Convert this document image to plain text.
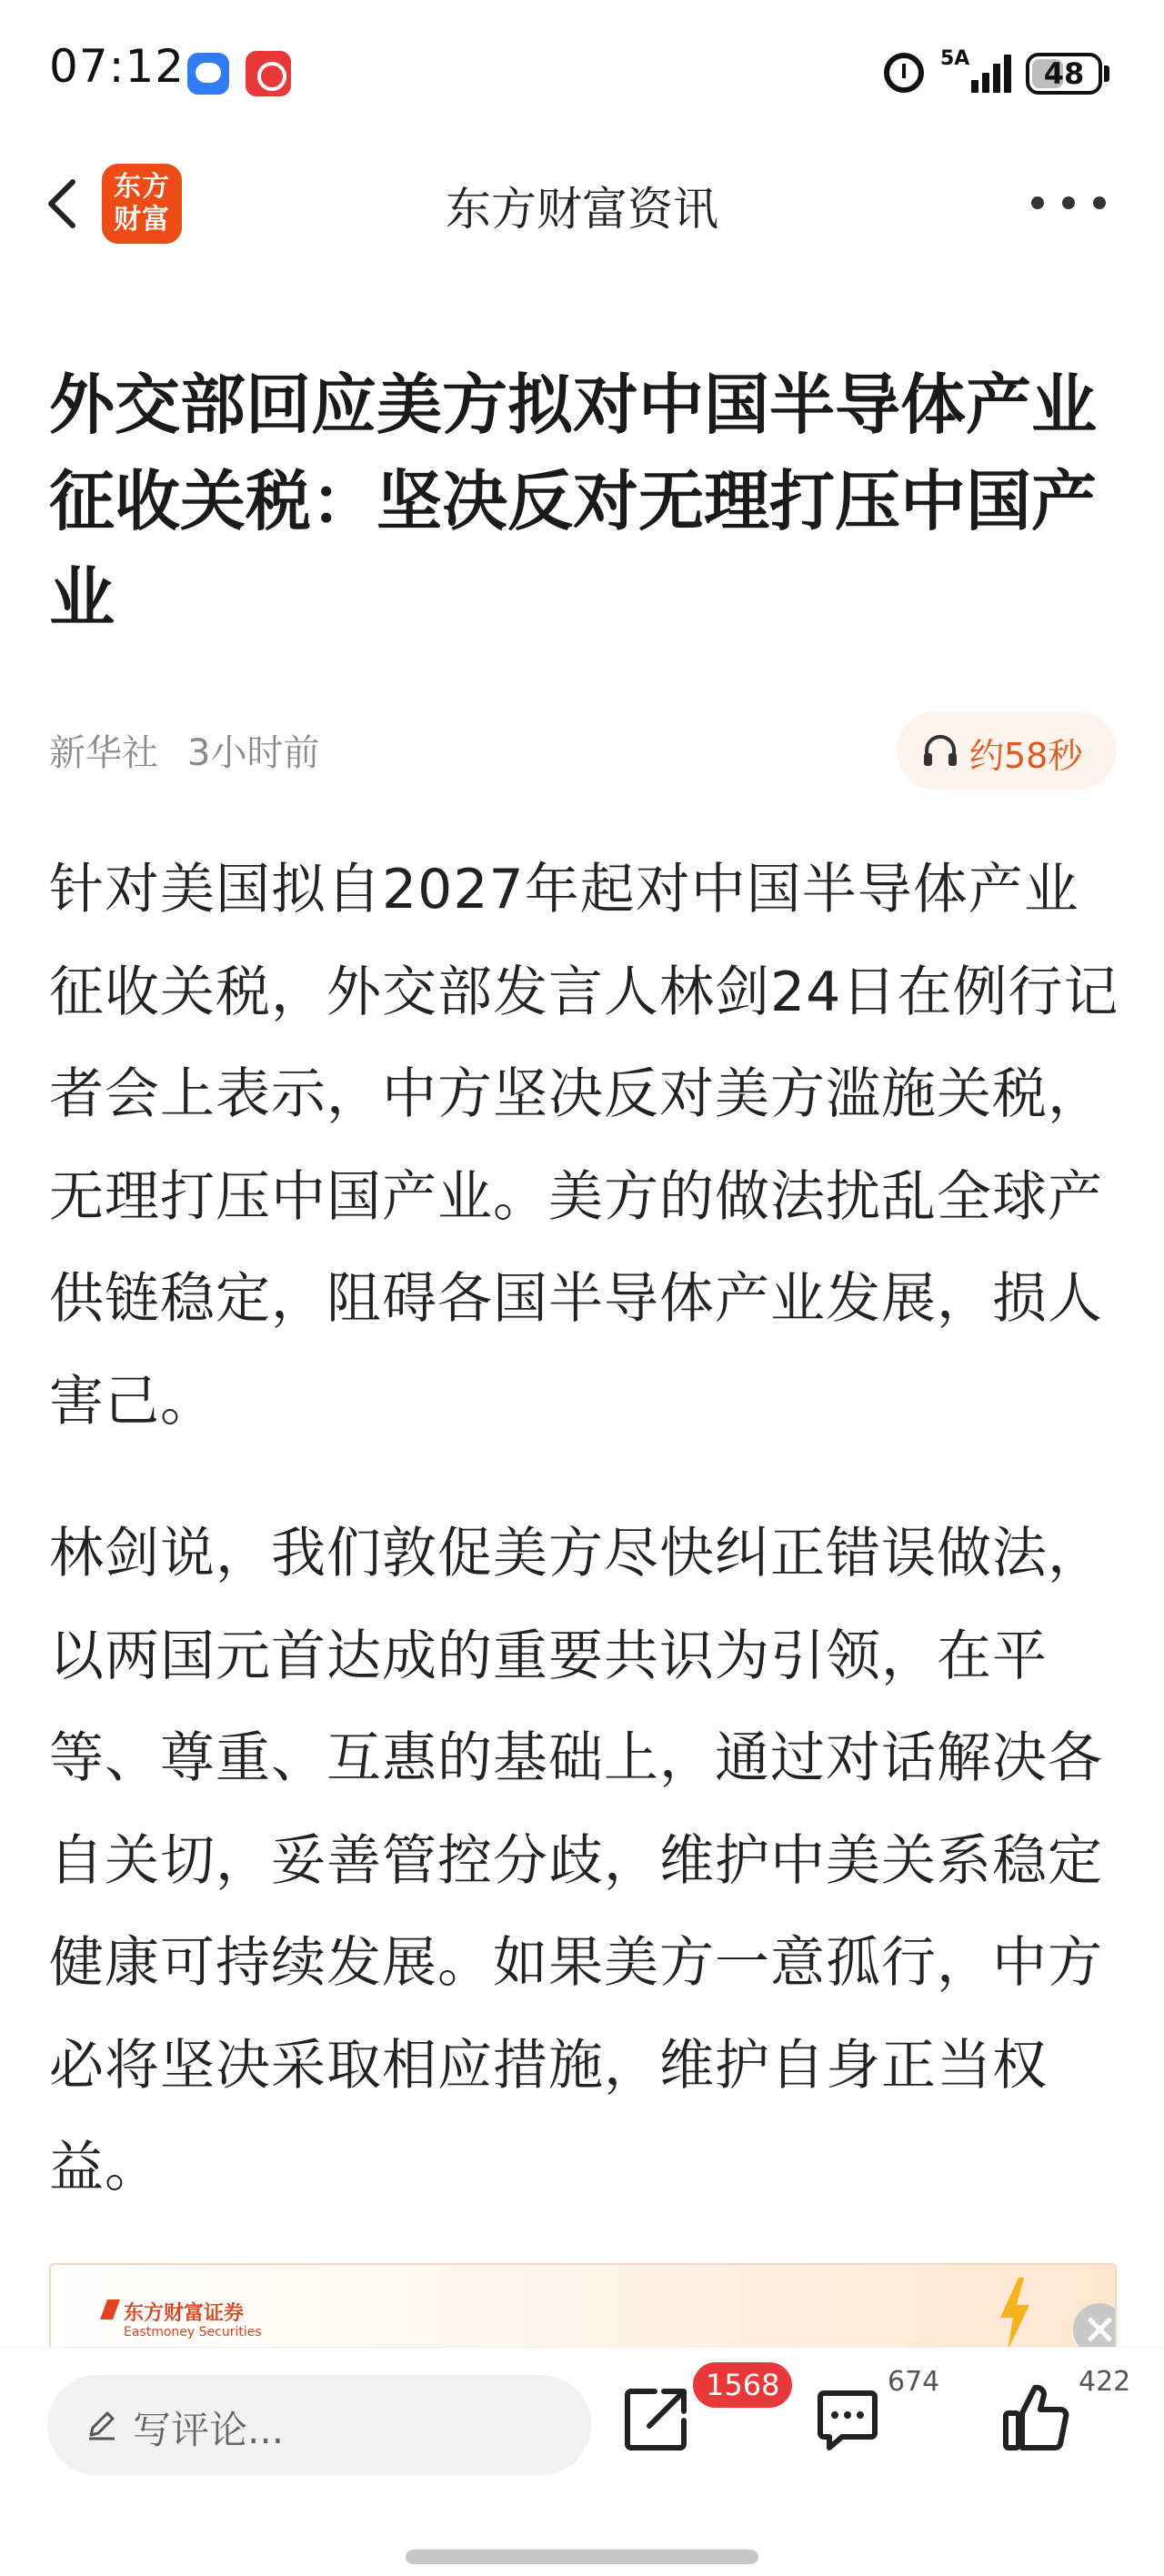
07:12	5A	48
东方
财富	东方财富资讯
外交部回应美方拟对中国半导体产业征收关税：坚决反对无理打压中国产业
新华社 3小时前	约58秒

针对美国拟自2027年起对中国半导体产业征收关税，外交部发言人林剑24日在例行记者会上表示，中方坚决反对美方滥施关税，无理打压中国产业。美方的做法扰乱全球产供链稳定，阻碍各国半导体产业发展，损人害己。

林剑说，我们敦促美方尽快纠正错误做法，以两国元首达成的重要共识为引领，在平等、尊重、互惠的基础上，通过对话解决各自关切，妥善管控分歧，维护中美关系稳定健康可持续发展。如果美方一意孤行，中方必将坚决采取相应措施，维护自身正当权益。

东方财富证券
Eastmoney Securities
写评论...
1568	674	422
